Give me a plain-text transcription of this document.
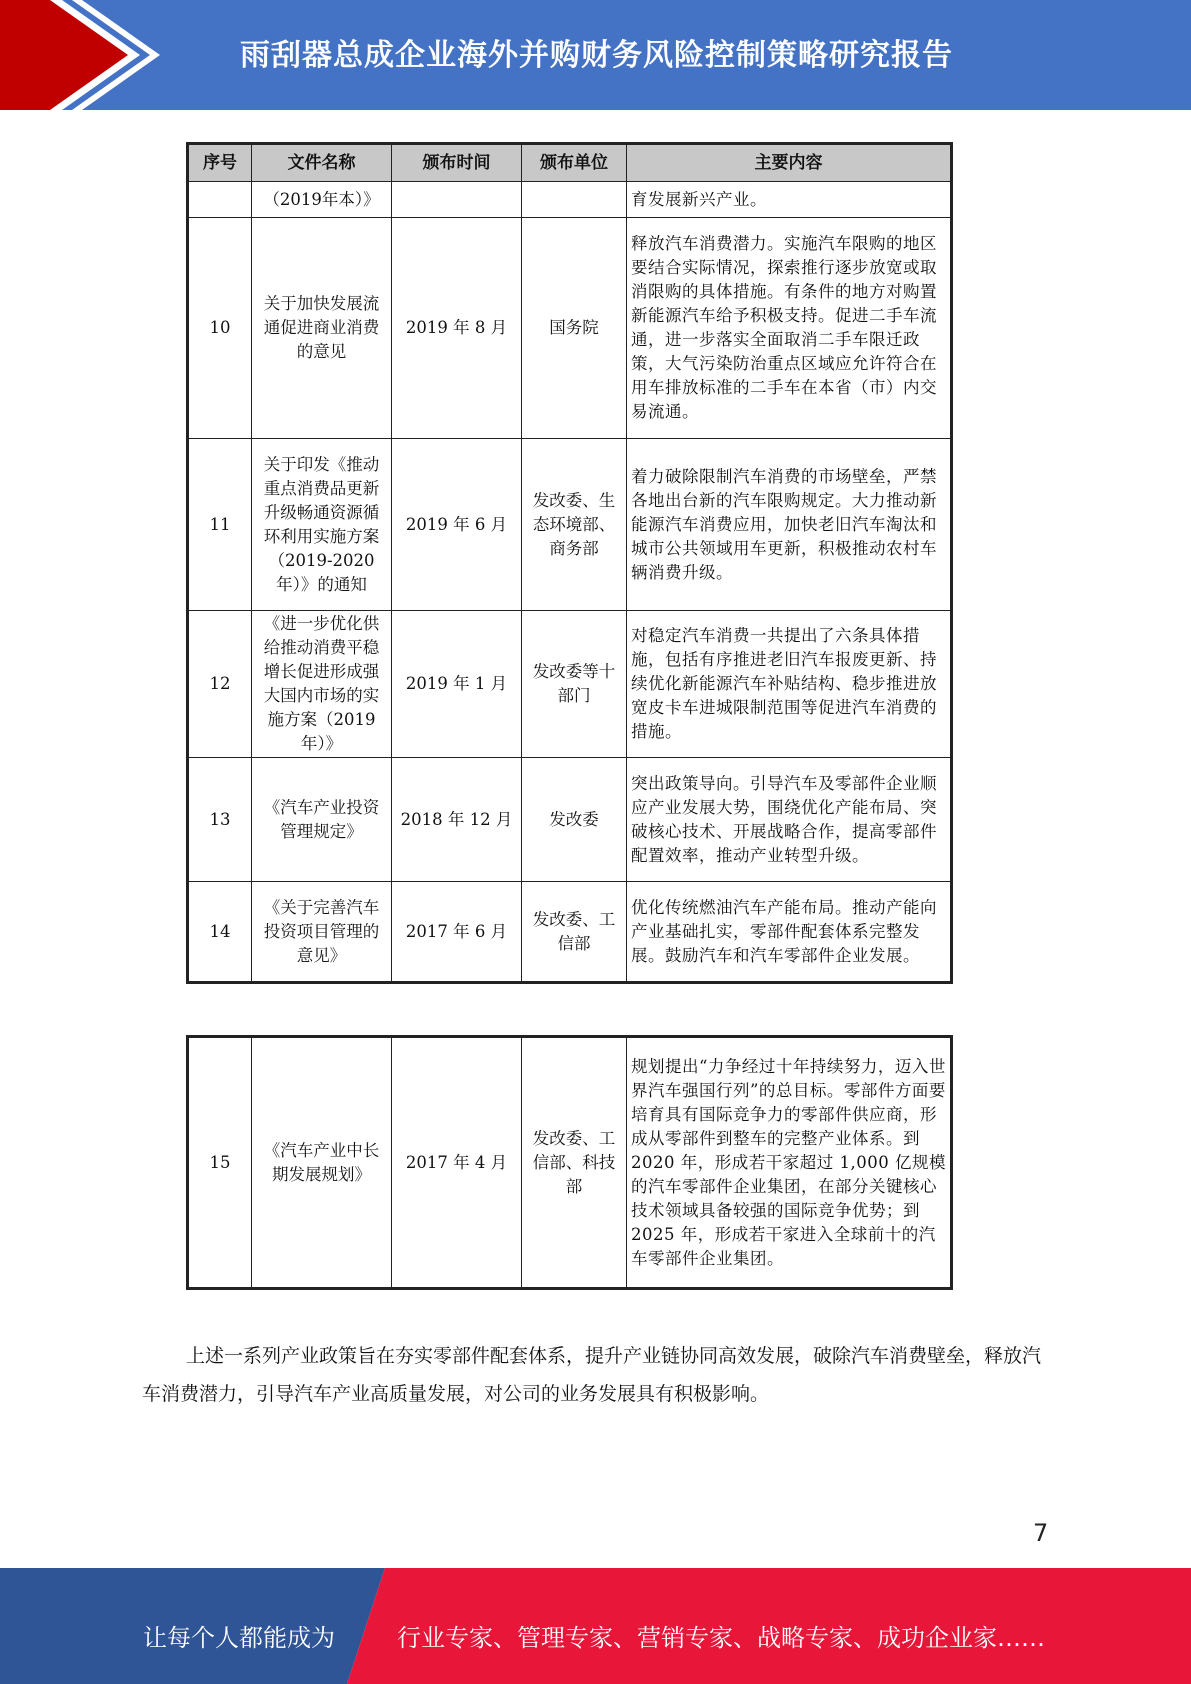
雨刮器总成企业海外并购财务风险控制策略研究报告
序号	文件名称	颁布时间	颁布单位	主要内容
	（2019年本）》			育发展新兴产业。
10	关于加快发展流通促进商业消费的意见	2019 年 8 月	国务院	释放汽车消费潜力。实施汽车限购的地区要结合实际情况，探索推行逐步放宽或取消限购的具体措施。有条件的地方对购置新能源汽车给予积极支持。促进二手车流通，进一步落实全面取消二手车限迁政策，大气污染防治重点区域应允许符合在用车排放标准的二手车在本省（市）内交易流通。
11	关于印发《推动重点消费品更新升级畅通资源循环利用实施方案（2019-2020年）》的通知	2019 年 6 月	发改委、生态环境部、商务部	着力破除限制汽车消费的市场壁垒，严禁各地出台新的汽车限购规定。大力推动新能源汽车消费应用，加快老旧汽车淘汰和城市公共领域用车更新，积极推动农村车辆消费升级。
12	《进一步优化供给推动消费平稳增长促进形成强大国内市场的实施方案（2019年）》	2019 年 1 月	发改委等十部门	对稳定汽车消费一共提出了六条具体措施，包括有序推进老旧汽车报废更新、持续优化新能源汽车补贴结构、稳步推进放宽皮卡车进城限制范围等促进汽车消费的措施。
13	《汽车产业投资管理规定》	2018 年 12 月	发改委	突出政策导向。引导汽车及零部件企业顺应产业发展大势，围绕优化产能布局、突破核心技术、开展战略合作，提高零部件配置效率，推动产业转型升级。
14	《关于完善汽车投资项目管理的意见》	2017 年 6 月	发改委、工信部	优化传统燃油汽车产能布局。推动产能向产业基础扎实，零部件配套体系完整发展。鼓励汽车和汽车零部件企业发展。
15	《汽车产业中长期发展规划》	2017 年 4 月	发改委、工信部、科技部	规划提出“力争经过十年持续努力，迈入世界汽车强国行列”的总目标。零部件方面要培育具有国际竞争力的零部件供应商，形成从零部件到整车的完整产业体系。到 2020 年，形成若干家超过 1,000 亿规模的汽车零部件企业集团，在部分关键核心技术领域具备较强的国际竞争优势；到 2025 年，形成若干家进入全球前十的汽车零部件企业集团。
上述一系列产业政策旨在夯实零部件配套体系，提升产业链协同高效发展，破除汽车消费壁垒，释放汽车消费潜力，引导汽车产业高质量发展，对公司的业务发展具有积极影响。
7
让每个人都能成为	行业专家、管理专家、营销专家、战略专家、成功企业家……
